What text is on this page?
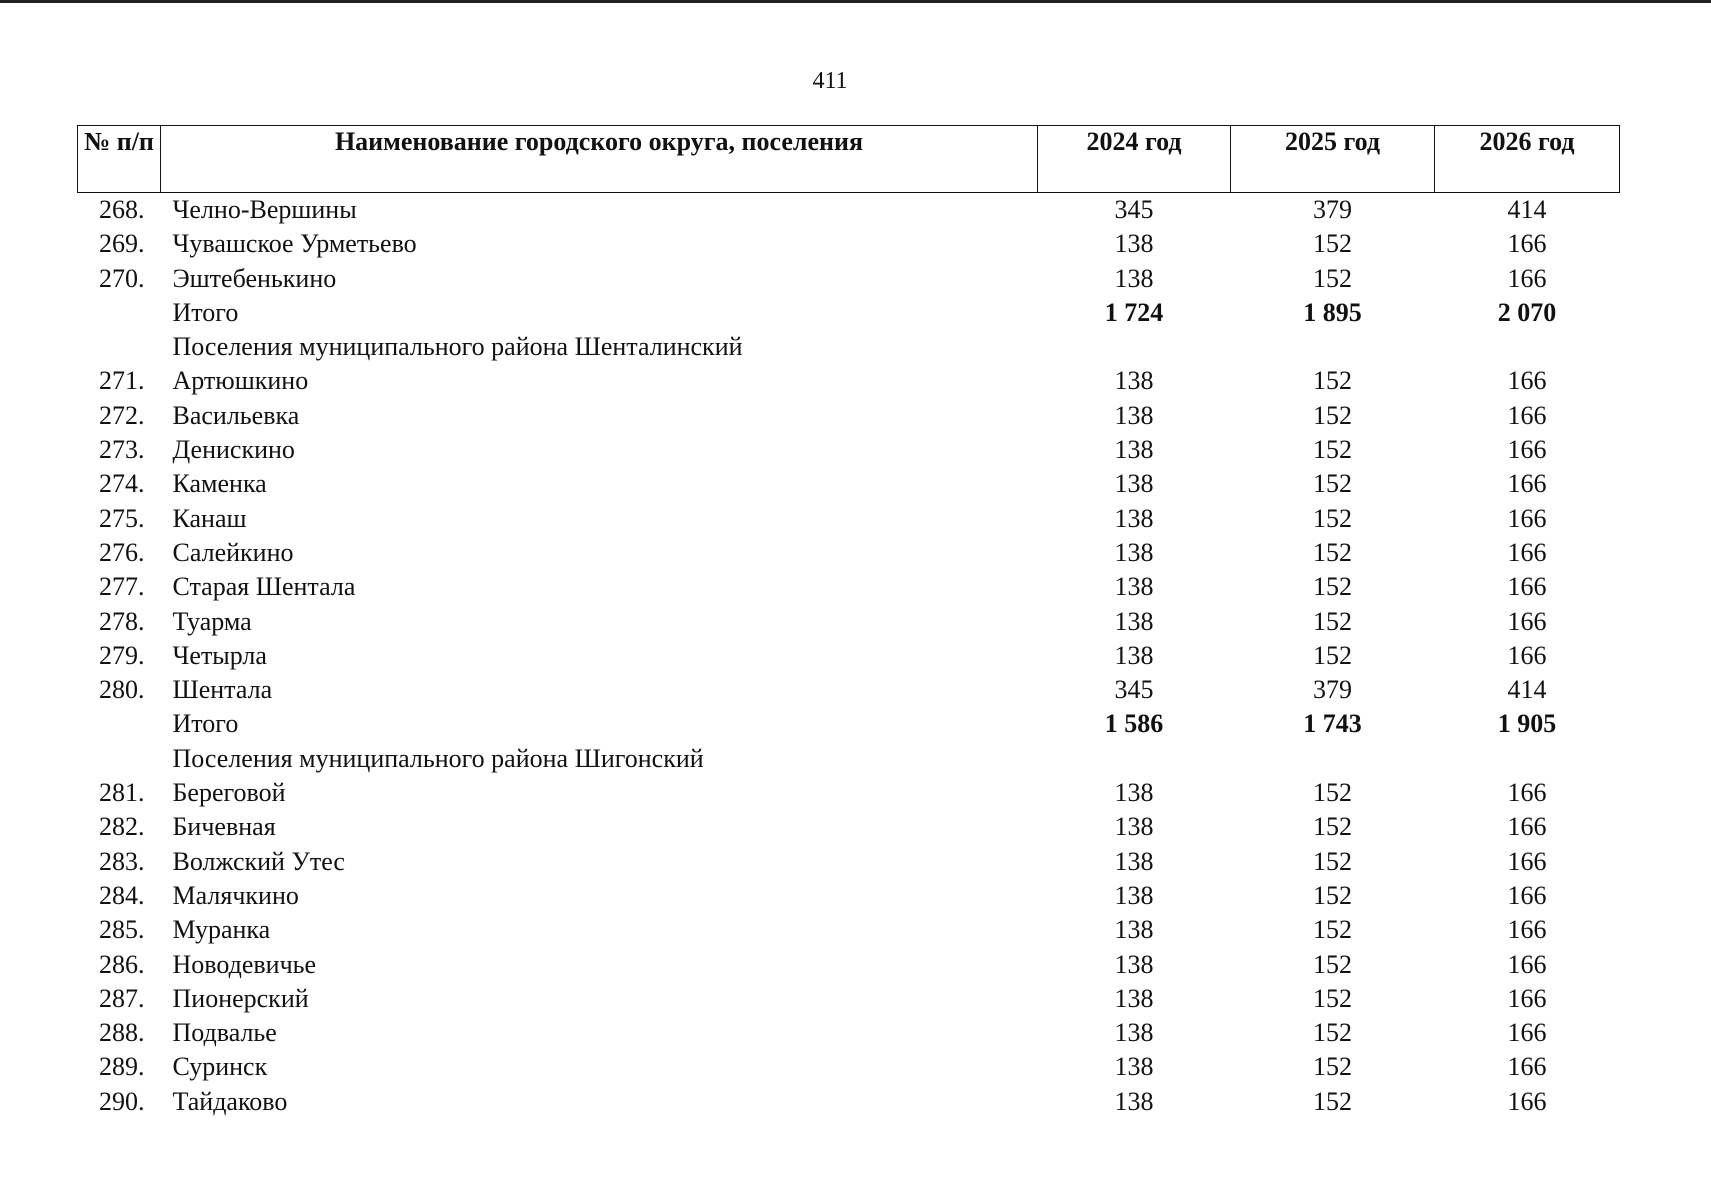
411
№ п/п	Наименование городского округа, поселения	2024 год	2025 год	2026 год
268.	Челно-Вершины	345	379	414
269.	Чувашское Урметьево	138	152	166
270.	Эштебенькино	138	152	166
	Итого	1 724	1 895	2 070
	Поселения муниципального района Шенталинский			
271.	Артюшкино	138	152	166
272.	Васильевка	138	152	166
273.	Денискино	138	152	166
274.	Каменка	138	152	166
275.	Канаш	138	152	166
276.	Салейкино	138	152	166
277.	Старая Шентала	138	152	166
278.	Туарма	138	152	166
279.	Четырла	138	152	166
280.	Шентала	345	379	414
	Итого	1 586	1 743	1 905
	Поселения муниципального района Шигонский			
281.	Береговой	138	152	166
282.	Бичевная	138	152	166
283.	Волжский Утес	138	152	166
284.	Малячкино	138	152	166
285.	Муранка	138	152	166
286.	Новодевичье	138	152	166
287.	Пионерский	138	152	166
288.	Подвалье	138	152	166
289.	Суринск	138	152	166
290.	Тайдаково	138	152	166
